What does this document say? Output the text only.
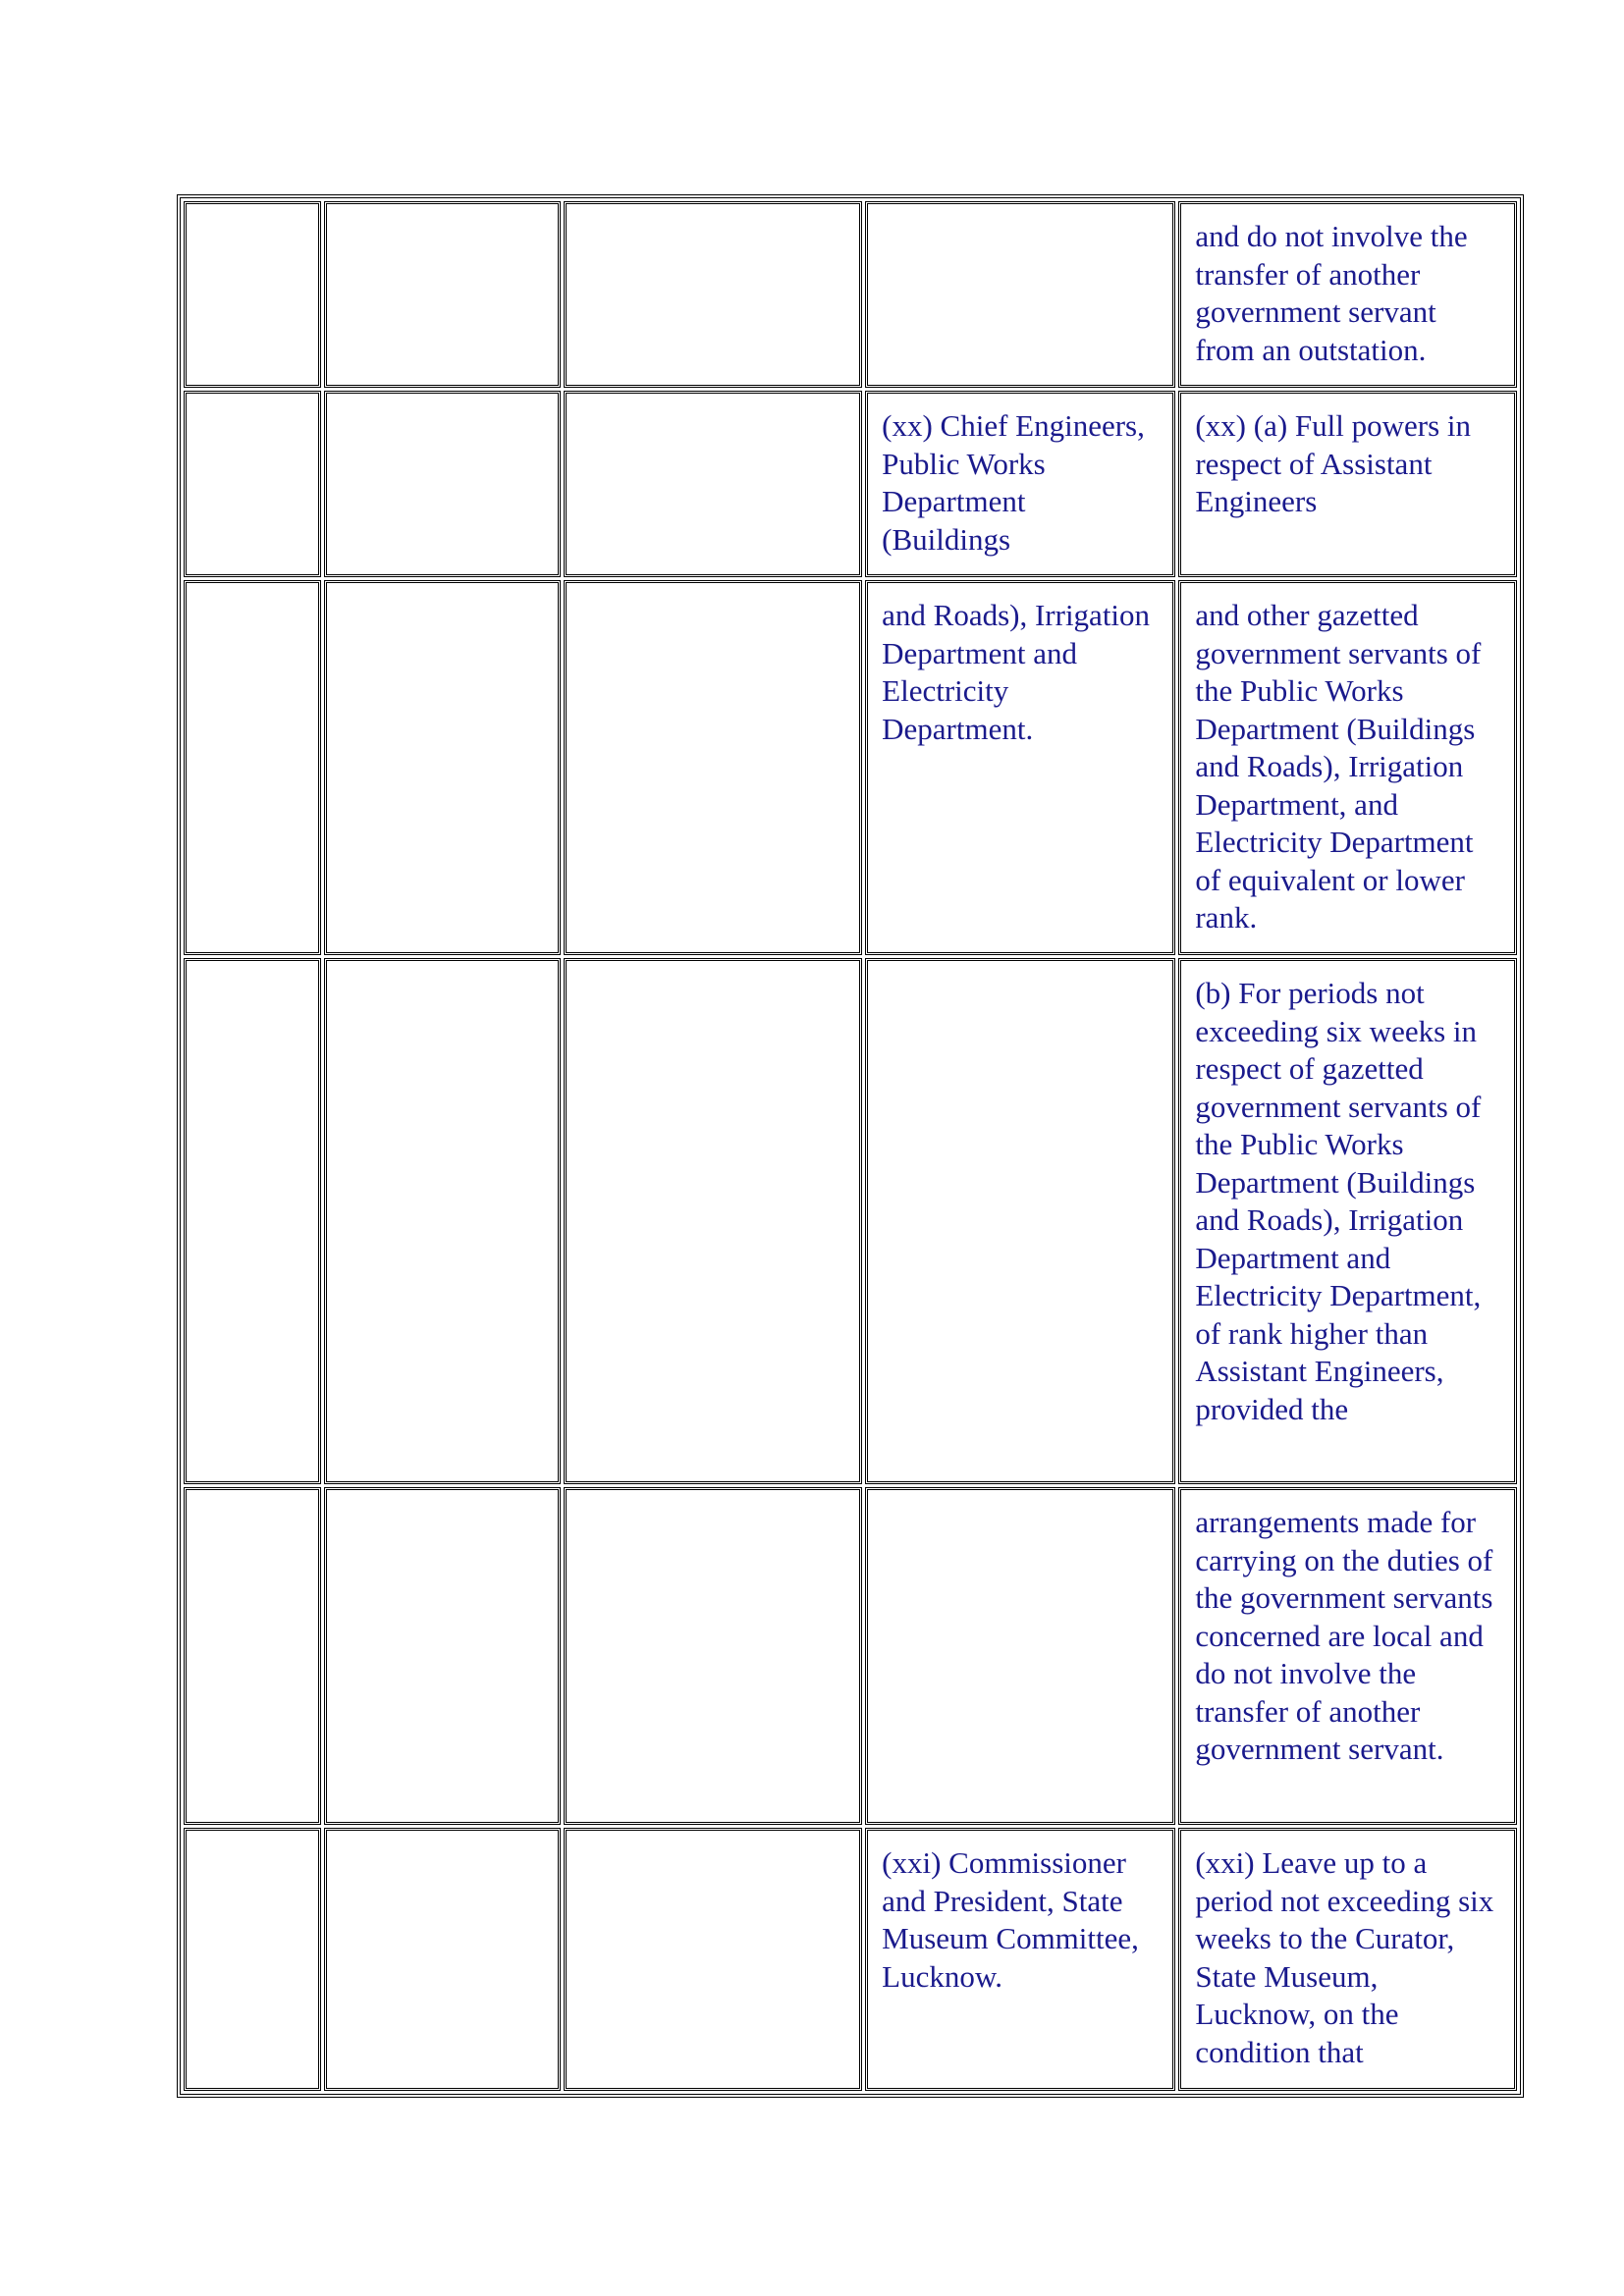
				and do not involve the transfer of another government servant from an outstation.
			(xx) Chief Engineers, Public Works Department (Buildings	(xx) (a) Full powers in respect of Assistant Engineers
			and Roads), Irrigation Department and Electricity Department.	and other gazetted government servants of the Public Works Department (Buildings and Roads), Irrigation Department, and Electricity Department of equivalent or lower rank.
				(b) For periods not exceeding six weeks in respect of gazetted government servants of the Public Works Department (Buildings and Roads), Irrigation Department and Electricity Department, of rank higher than Assistant Engineers, provided the
				arrangements made for carrying on the duties of the government servants concerned are local and do not involve the transfer of another government servant.
			(xxi) Commissioner and President, State Museum Committee, Lucknow.	(xxi) Leave up to a period not exceeding six weeks to the Curator, State Museum, Lucknow, on the condition that
